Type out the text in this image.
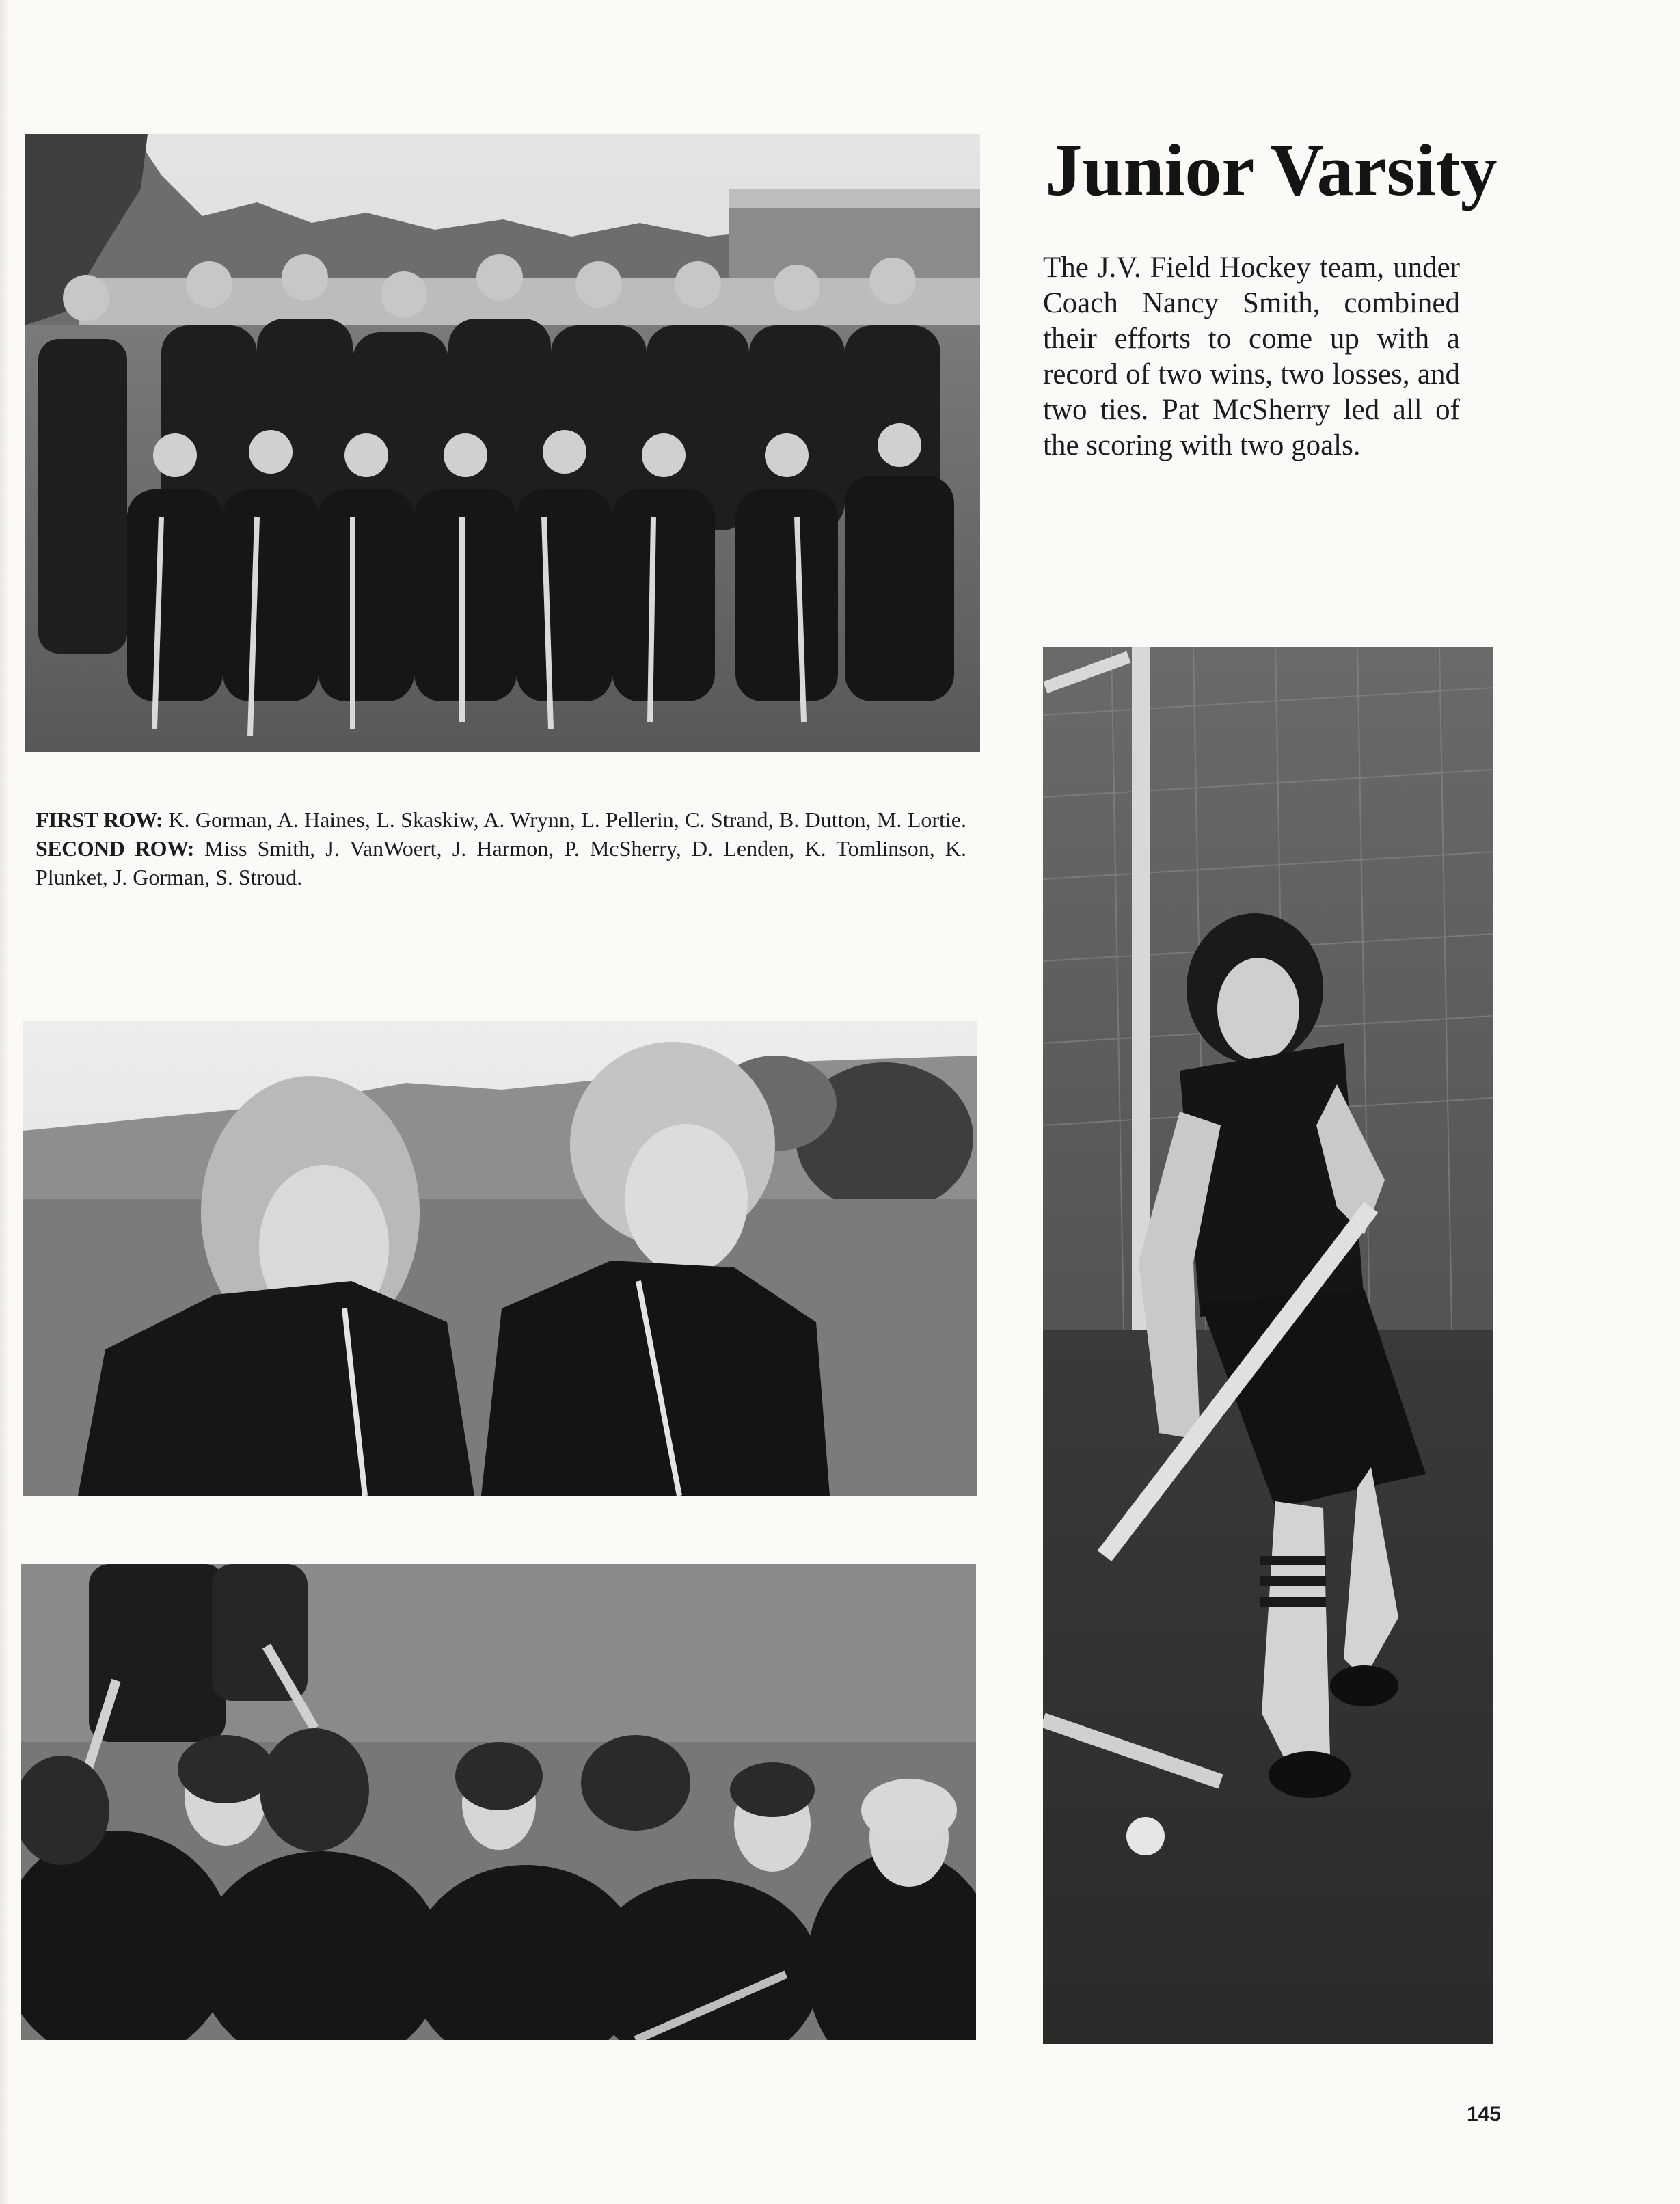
Junior Varsity

The J.V. Field Hockey team, under Coach Nancy Smith, combined their efforts to come up with a record of two wins, two losses, and two ties. Pat McSherry led all of the scoring with two goals.

FIRST ROW: K. Gorman, A. Haines, L. Skaskiw, A. Wrynn, L. Pellerin, C. Strand, B. Dutton, M. Lortie. SECOND ROW: Miss Smith, J. VanWoert, J. Harmon, P. McSherry, D. Lenden, K. Tomlinson, K. Plunket, J. Gorman, S. Stroud.

145
